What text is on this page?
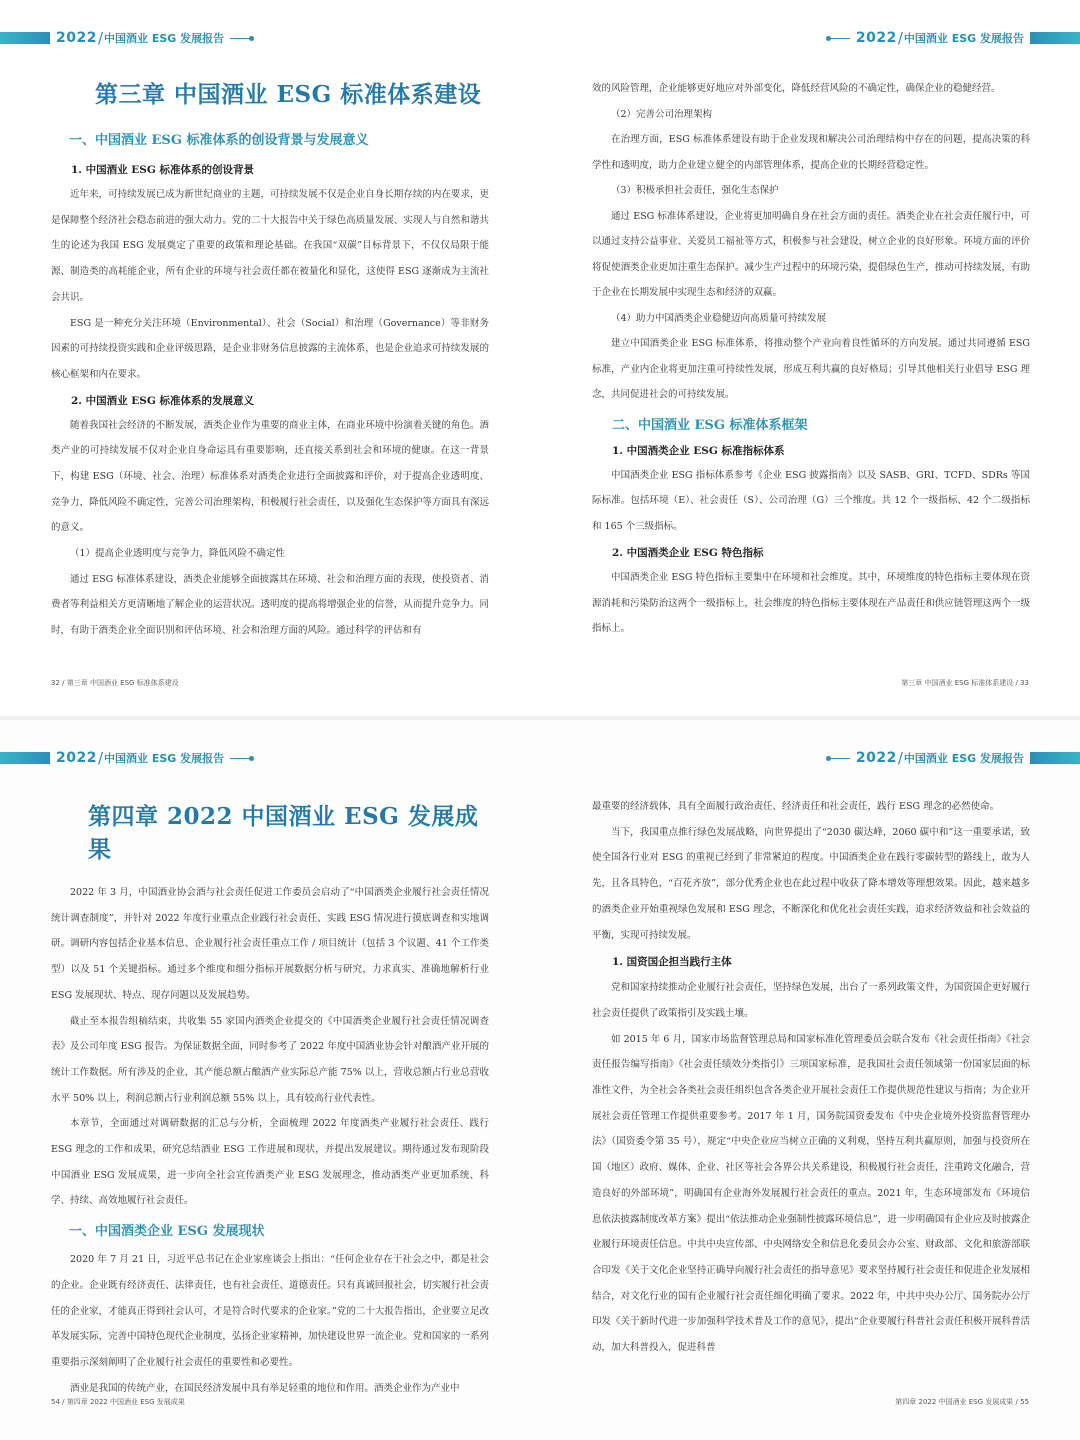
2022 / 中国酒业 ESG 发展报告	2022 / 中国酒业 ESG 发展报告
第三章 中国酒业 ESG 标准体系建设
一、中国酒业 ESG 标准体系的创设背景与发展意义
1. 中国酒业 ESG 标准体系的创设背景

近年来，可持续发展已成为新世纪商业的主题，可持续发展不仅是企业自身长期存续的内在要求，更是保障整个经济社会稳态前进的强大动力。党的二十大报告中关于绿色高质量发展、实现人与自然和谐共生的论述为我国 ESG 发展奠定了重要的政策和理论基础。在我国“双碳”目标背景下，不仅仅局限于能源、制造类的高耗能企业，所有企业的环境与社会责任都在被量化和显化，这使得 ESG 逐渐成为主流社会共识。

ESG 是一种充分关注环境（Environmental）、社会（Social）和治理（Governance）等非财务因素的可持续投资实践和企业评级思路，是企业非财务信息披露的主流体系，也是企业追求可持续发展的核心框架和内在要求。

2. 中国酒业 ESG 标准体系的发展意义

随着我国社会经济的不断发展，酒类企业作为重要的商业主体，在商业环境中扮演着关键的角色。酒类产业的可持续发展不仅对企业自身命运具有重要影响，还直接关系到社会和环境的健康。在这一背景下，构建 ESG（环境、社会、治理）标准体系对酒类企业进行全面披露和评价，对于提高企业透明度、竞争力，降低风险不确定性，完善公司治理架构，积极履行社会责任，以及强化生态保护等方面具有深远的意义。

（1）提高企业透明度与竞争力，降低风险不确定性

通过 ESG 标准体系建设，酒类企业能够全面披露其在环境、社会和治理方面的表现，使投资者、消费者等利益相关方更清晰地了解企业的运营状况。透明度的提高将增强企业的信誉，从而提升竞争力。同时，有助于酒类企业全面识别和评估环境、社会和治理方面的风险。通过科学的评估和有

32 / 第三章 中国酒业 ESG 标准体系建设

效的风险管理，企业能够更好地应对外部变化，降低经营风险的不确定性，确保企业的稳健经营。

（2）完善公司治理架构

在治理方面，ESG 标准体系建设有助于企业发现和解决公司治理结构中存在的问题，提高决策的科学性和透明度，助力企业建立健全的内部管理体系，提高企业的长期经营稳定性。

（3）积极承担社会责任，强化生态保护

通过 ESG 标准体系建设，企业将更加明确自身在社会方面的责任。酒类企业在社会责任履行中，可以通过支持公益事业、关爱员工福祉等方式，积极参与社会建设，树立企业的良好形象。环境方面的评价将促使酒类企业更加注重生态保护。减少生产过程中的环境污染，提倡绿色生产，推动可持续发展，有助于企业在长期发展中实现生态和经济的双赢。

（4）助力中国酒类企业稳健迈向高质量可持续发展

建立中国酒类企业 ESG 标准体系，将推动整个产业向着良性循环的方向发展。通过共同遵循 ESG 标准，产业内企业将更加注重可持续性发展，形成互利共赢的良好格局；引导其他相关行业倡导 ESG 理念，共同促进社会的可持续发展。

二、中国酒业 ESG 标准体系框架
1. 中国酒类企业 ESG 标准指标体系

中国酒类企业 ESG 指标体系参考《企业 ESG 披露指南》以及 SASB、GRI、TCFD、SDRs 等国际标准。包括环境（E）、社会责任（S）、公司治理（G）三个维度。共 12 个一级指标、42 个二级指标和 165 个三级指标。

2. 中国酒类企业 ESG 特色指标

中国酒类企业 ESG 特色指标主要集中在环境和社会维度。其中，环境维度的特色指标主要体现在资源消耗和污染防治这两个一级指标上，社会维度的特色指标主要体现在产品责任和供应链管理这两个一级指标上。

第三章 中国酒业 ESG 标准体系建设 / 33
2022 / 中国酒业 ESG 发展报告	2022 / 中国酒业 ESG 发展报告
第四章 2022 中国酒业 ESG 发展成果

2022 年 3 月，中国酒业协会酒与社会责任促进工作委员会启动了“中国酒类企业履行社会责任情况统计调查制度”，并针对 2022 年度行业重点企业践行社会责任、实践 ESG 情况进行摸底调查和实地调研。调研内容包括企业基本信息、企业履行社会责任重点工作 / 项目统计（包括 3 个议题、41 个工作类型）以及 51 个关键指标。通过多个维度和细分指标开展数据分析与研究，力求真实、准确地解析行业 ESG 发展现状、特点、现存问题以及发展趋势。

截止至本报告组稿结束，共收集 55 家国内酒类企业提交的《中国酒类企业履行社会责任情况调查表》及公司年度 ESG 报告。为保证数据全面，同时参考了 2022 年度中国酒业协会针对酿酒产业开展的统计工作数据。所有涉及的企业，其产能总额占酿酒产业实际总产能 75% 以上，营收总额占行业总营收水平 50% 以上，利润总额占行业利润总额 55% 以上，具有较高行业代表性。

本章节，全面通过对调研数据的汇总与分析，全面梳理 2022 年度酒类产业履行社会责任、践行 ESG 理念的工作和成果，研究总结酒业 ESG 工作进展和现状，并提出发展建议。期待通过发布现阶段中国酒业 ESG 发展成果，进一步向全社会宣传酒类产业 ESG 发展理念，推动酒类产业更加系统、科学、持续、高效地履行社会责任。

一、中国酒类企业 ESG 发展现状

2020 年 7 月 21 日，习近平总书记在企业家座谈会上指出：“任何企业存在于社会之中，都是社会的企业。企业既有经济责任、法律责任，也有社会责任、道德责任。只有真诚回报社会，切实履行社会责任的企业家，才能真正得到社会认可，才是符合时代要求的企业家。”党的二十大报告指出，企业要立足改革发展实际，完善中国特色现代企业制度，弘扬企业家精神，加快建设世界一流企业。党和国家的一系列重要指示深刻阐明了企业履行社会责任的重要性和必要性。

酒业是我国的传统产业，在国民经济发展中具有举足轻重的地位和作用。酒类企业作为产业中

54 / 第四章 2022 中国酒业 ESG 发展成果

最重要的经济载体，具有全面履行政治责任、经济责任和社会责任，践行 ESG 理念的必然使命。

当下，我国重点推行绿色发展战略，向世界提出了“2030 碳达峰，2060 碳中和”这一重要承诺，致使全国各行业对 ESG 的重视已经到了非常紧迫的程度。中国酒类企业在践行零碳转型的路线上，敢为人先，且各具特色，“百花齐放”，部分优秀企业也在此过程中收获了降本增效等理想效果。因此，越来越多的酒类企业开始重视绿色发展和 ESG 理念，不断深化和优化社会责任实践，追求经济效益和社会效益的平衡，实现可持续发展。

1. 国资国企担当践行主体

党和国家持续推动企业履行社会责任，坚持绿色发展，出台了一系列政策文件，为国资国企更好履行社会责任提供了政策指引及实践土壤。

如 2015 年 6 月，国家市场监督管理总局和国家标准化管理委员会联合发布《社会责任指南》《社会责任报告编写指南》《社会责任绩效分类指引》三项国家标准，是我国社会责任领域第一份国家层面的标准性文件，为全社会各类社会责任组织包含各类企业开展社会责任工作提供规范性建议与指南；为企业开展社会责任管理工作提供重要参考。2017 年 1 月，国务院国资委发布《中央企业境外投资监督管理办法》（国资委令第 35 号），规定“中央企业应当树立正确的义利观，坚持互利共赢原则，加强与投资所在国（地区）政府、媒体、企业、社区等社会各界公共关系建设，积极履行社会责任，注重跨文化融合，营造良好的外部环境”，明确国有企业海外发展履行社会责任的重点。2021 年，生态环境部发布《环境信息依法披露制度改革方案》提出“依法推动企业强制性披露环境信息”，进一步明确国有企业应及时披露企业履行环境责任信息。中共中央宣传部、中央网络安全和信息化委员会办公室、财政部、文化和旅游部联合印发《关于文化企业坚持正确导向履行社会责任的指导意见》要求坚持履行社会责任和促进企业发展相结合，对文化行业的国有企业履行社会责任细化明确了要求。2022 年，中共中央办公厅、国务院办公厅印发《关于新时代进一步加强科学技术普及工作的意见》，提出“企业要履行科普社会责任积极开展科普活动，加大科普投入，促进科普

第四章 2022 中国酒业 ESG 发展成果 / 55
